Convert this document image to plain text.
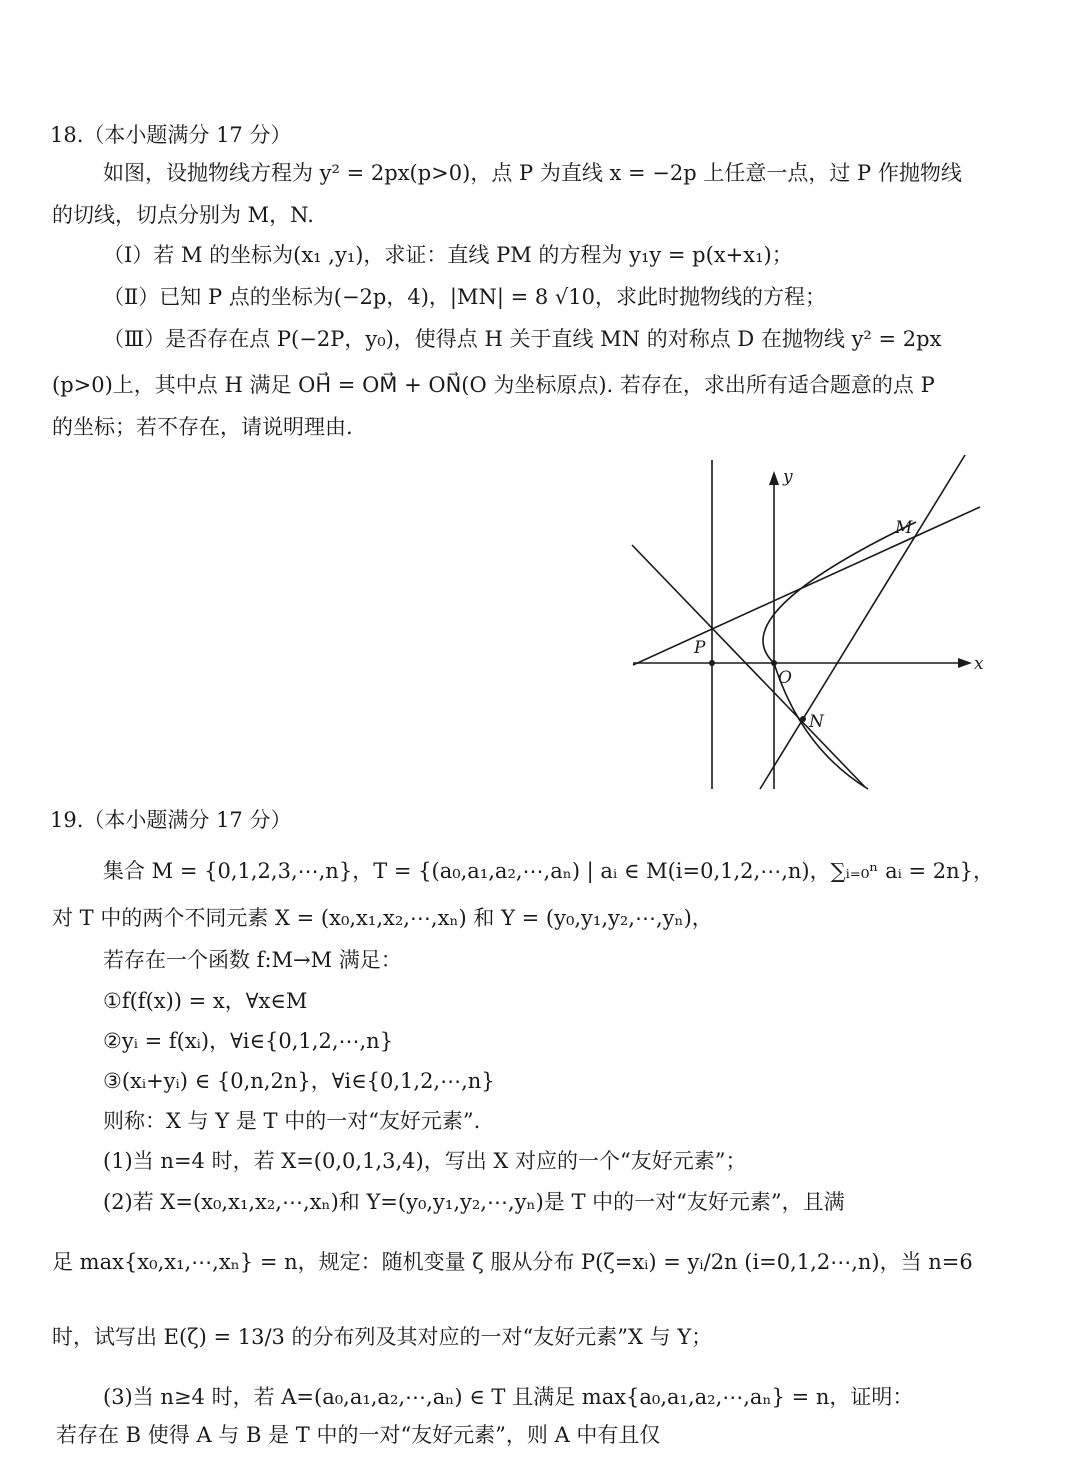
18.（本小题满分 17 分）
如图，设抛物线方程为 y² = 2px(p>0)，点 P 为直线 x = −2p 上任意一点，过 P 作抛物线
的切线，切点分别为 M，N.
（Ⅰ）若 M 的坐标为(x₁ ,y₁)，求证：直线 PM 的方程为 y₁y = p(x+x₁)；
（Ⅱ）已知 P 点的坐标为(−2p，4)，|MN| = 8 √10，求此时抛物线的方程；
（Ⅲ）是否存在点 P(−2P，y₀)，使得点 H 关于直线 MN 的对称点 D 在抛物线 y² = 2px
(p>0)上，其中点 H 满足 OH⃗ = OM⃗ + ON⃗(O 为坐标原点). 若存在，求出所有适合题意的点 P
的坐标；若不存在，请说明理由.
y
x
M
P
O
N
19.（本小题满分 17 分）
集合 M = {0,1,2,3,⋯,n}，T = {(a₀,a₁,a₂,⋯,aₙ) | aᵢ ∈ M(i=0,1,2,⋯,n)，∑ᵢ₌₀ⁿ aᵢ = 2n}，
对 T 中的两个不同元素 X = (x₀,x₁,x₂,⋯,xₙ) 和 Y = (y₀,y₁,y₂,⋯,yₙ)，
若存在一个函数 f:M→M 满足：
①f(f(x)) = x，∀x∈M
②yᵢ = f(xᵢ)，∀i∈{0,1,2,⋯,n}
③(xᵢ+yᵢ) ∈ {0,n,2n}，∀i∈{0,1,2,⋯,n}
则称：X 与 Y 是 T 中的一对“友好元素”.
(1)当 n=4 时，若 X=(0,0,1,3,4)，写出 X 对应的一个“友好元素”；
(2)若 X=(x₀,x₁,x₂,⋯,xₙ)和 Y=(y₀,y₁,y₂,⋯,yₙ)是 T 中的一对“友好元素”，且满
足 max{x₀,x₁,⋯,xₙ} = n，规定：随机变量 ζ 服从分布 P(ζ=xᵢ) = yᵢ/2n (i=0,1,2⋯,n)，当 n=6
时，试写出 E(ζ) = 13/3 的分布列及其对应的一对“友好元素”X 与 Y；
(3)当 n≥4 时，若 A=(a₀,a₁,a₂,⋯,aₙ) ∈ T 且满足 max{a₀,a₁,a₂,⋯,aₙ} = n，证明：
若存在 B 使得 A 与 B 是 T 中的一对“友好元素”，则 A 中有且仅
